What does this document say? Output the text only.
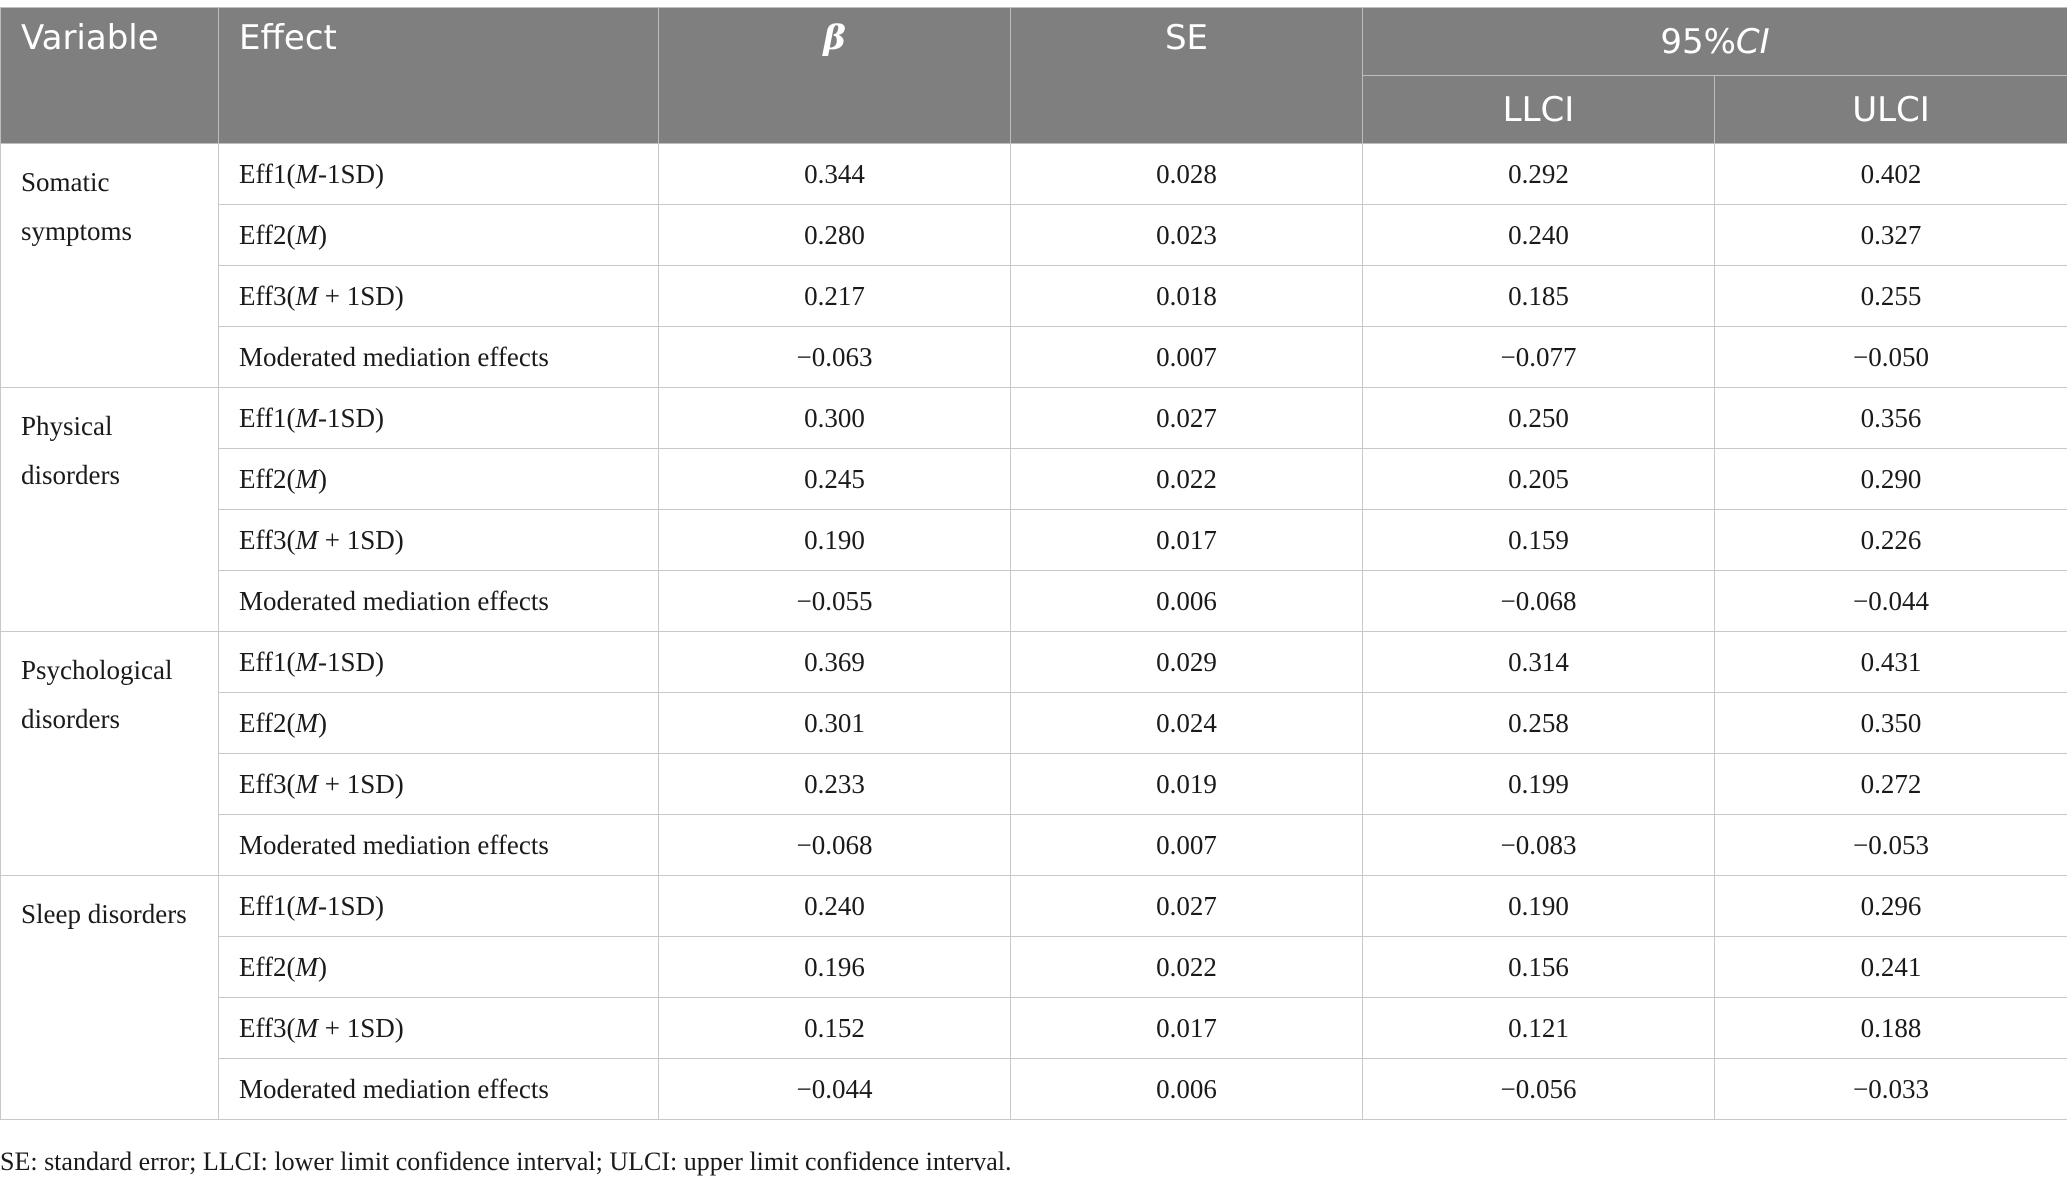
Variable	Effect	β	SE	95%CI	
				LLCI	ULCI
Somatic symptoms	Eff1(M-1SD)	0.344	0.028	0.292	0.402
	Eff2(M)	0.280	0.023	0.240	0.327
	Eff3(M + 1SD)	0.217	0.018	0.185	0.255
	Moderated mediation effects	−0.063	0.007	−0.077	−0.050
Physical disorders	Eff1(M-1SD)	0.300	0.027	0.250	0.356
	Eff2(M)	0.245	0.022	0.205	0.290
	Eff3(M + 1SD)	0.190	0.017	0.159	0.226
	Moderated mediation effects	−0.055	0.006	−0.068	−0.044
Psychological disorders	Eff1(M-1SD)	0.369	0.029	0.314	0.431
	Eff2(M)	0.301	0.024	0.258	0.350
	Eff3(M + 1SD)	0.233	0.019	0.199	0.272
	Moderated mediation effects	−0.068	0.007	−0.083	−0.053
Sleep disorders	Eff1(M-1SD)	0.240	0.027	0.190	0.296
	Eff2(M)	0.196	0.022	0.156	0.241
	Eff3(M + 1SD)	0.152	0.017	0.121	0.188
	Moderated mediation effects	−0.044	0.006	−0.056	−0.033

SE: standard error; LLCI: lower limit confidence interval; ULCI: upper limit confidence interval.
